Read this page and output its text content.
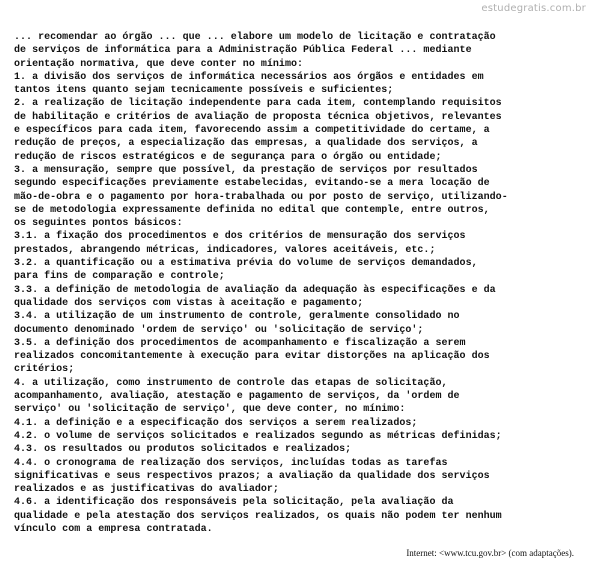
estudegratis.com.br
... recomendar ao órgão ... que ... elabore um modelo de licitação e contratação
de serviços de informática para a Administração Pública Federal ... mediante
orientação normativa, que deve conter no mínimo:
1. a divisão dos serviços de informática necessários aos órgãos e entidades em
tantos itens quanto sejam tecnicamente possíveis e suficientes;
2. a realização de licitação independente para cada item, contemplando requisitos
de habilitação e critérios de avaliação de proposta técnica objetivos, relevantes
e específicos para cada item, favorecendo assim a competitividade do certame, a
redução de preços, a especialização das empresas, a qualidade dos serviços, a
redução de riscos estratégicos e de segurança para o órgão ou entidade;
3. a mensuração, sempre que possível, da prestação de serviços por resultados
segundo especificações previamente estabelecidas, evitando-se a mera locação de
mão-de-obra e o pagamento por hora-trabalhada ou por posto de serviço, utilizando-
se de metodologia expressamente definida no edital que contemple, entre outros,
os seguintes pontos básicos:
3.1. a fixação dos procedimentos e dos critérios de mensuração dos serviços
prestados, abrangendo métricas, indicadores, valores aceitáveis, etc.;
3.2. a quantificação ou a estimativa prévia do volume de serviços demandados,
para fins de comparação e controle;
3.3. a definição de metodologia de avaliação da adequação às especificações e da
qualidade dos serviços com vistas à aceitação e pagamento;
3.4. a utilização de um instrumento de controle, geralmente consolidado no
documento denominado 'ordem de serviço' ou 'solicitação de serviço';
3.5. a definição dos procedimentos de acompanhamento e fiscalização a serem
realizados concomitantemente à execução para evitar distorções na aplicação dos
critérios;
4. a utilização, como instrumento de controle das etapas de solicitação,
acompanhamento, avaliação, atestação e pagamento de serviços, da 'ordem de
serviço' ou 'solicitação de serviço', que deve conter, no mínimo:
4.1. a definição e a especificação dos serviços a serem realizados;
4.2. o volume de serviços solicitados e realizados segundo as métricas definidas;
4.3. os resultados ou produtos solicitados e realizados;
4.4. o cronograma de realização dos serviços, incluídas todas as tarefas
significativas e seus respectivos prazos; a avaliação da qualidade dos serviços
realizados e as justificativas do avaliador;
4.6. a identificação dos responsáveis pela solicitação, pela avaliação da
qualidade e pela atestação dos serviços realizados, os quais não podem ter nenhum
vínculo com a empresa contratada.
Internet: <www.tcu.gov.br> (com adaptações).
